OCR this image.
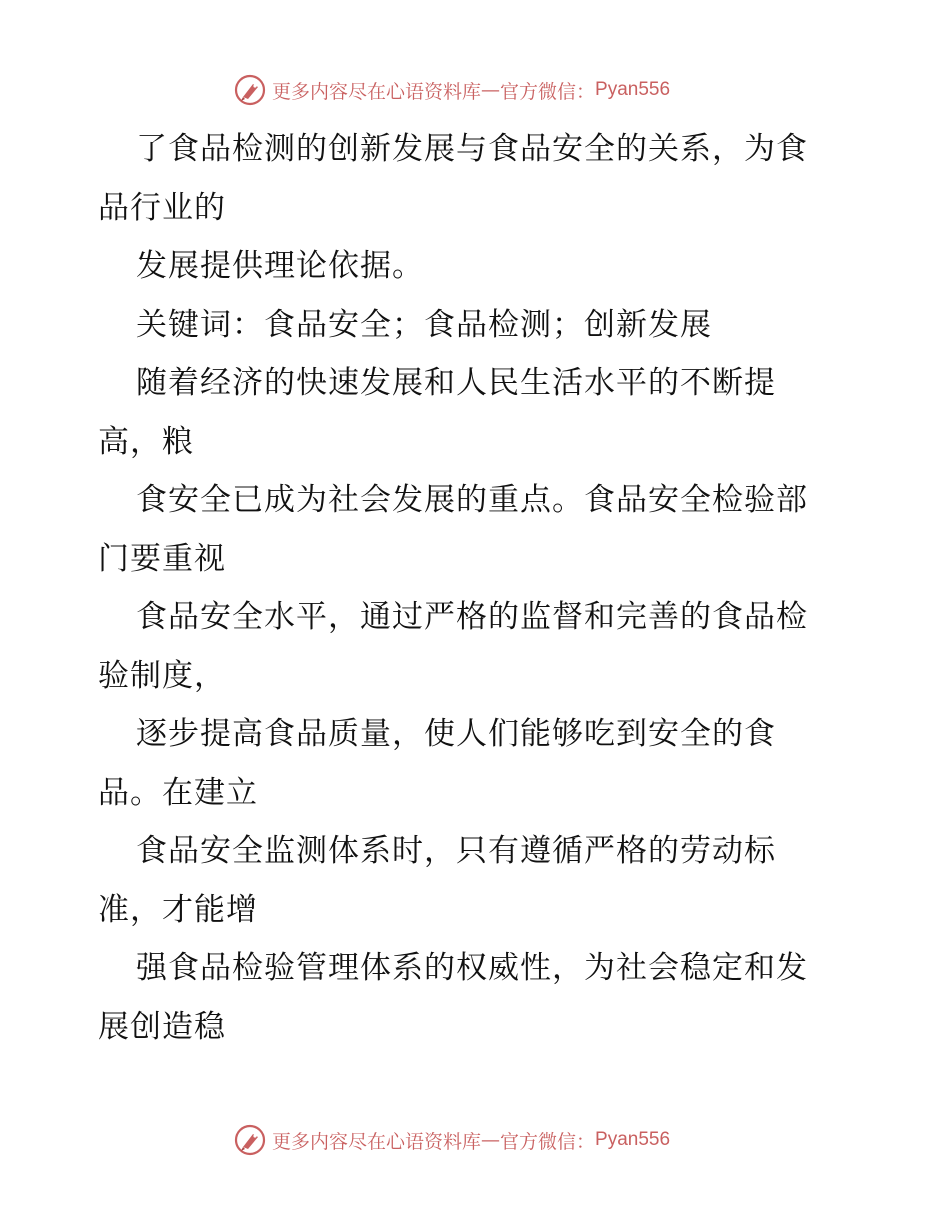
更多内容尽在心语资料库 — 官方微信： Pyan556
了食品检测的创新发展与食品安全的关系，为食
品行业的
发展提供理论依据。
关键词：食品安全；食品检测；创新发展
随着经济的快速发展和人民生活水平的不断提
高，粮
食安全已成为社会发展的重点。食品安全检验部
门要重视
食品安全水平，通过严格的监督和完善的食品检
验制度，
逐步提高食品质量，使人们能够吃到安全的食
品。在建立
食品安全监测体系时，只有遵循严格的劳动标
准，才能增
强食品检验管理体系的权威性，为社会稳定和发
展创造稳
更多内容尽在心语资料库 — 官方微信： Pyan556
